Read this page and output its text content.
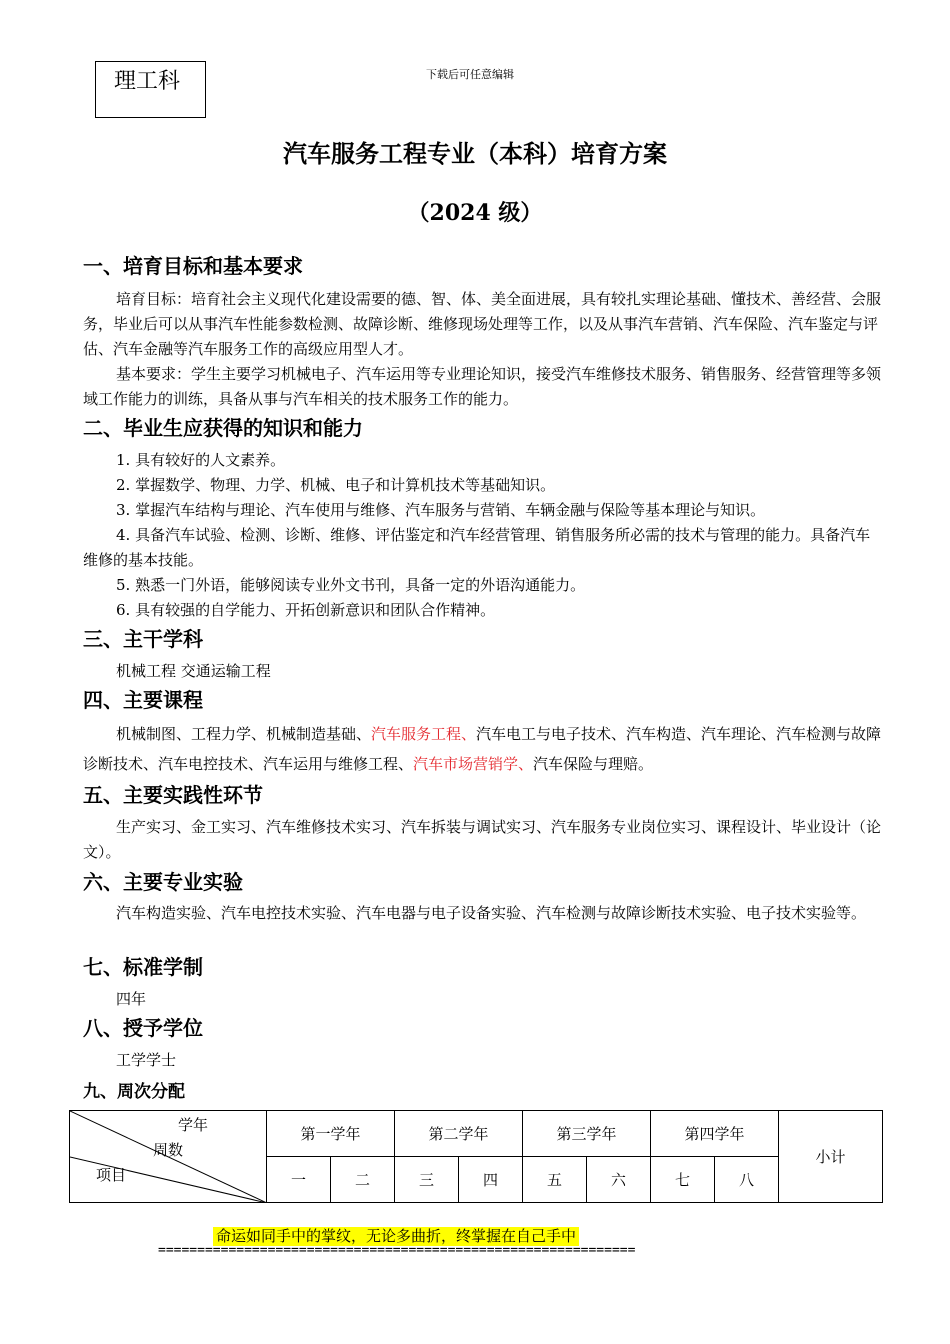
理工科	下载后可任意编辑
汽车服务工程专业（本科）培育方案
（2024 级）
一、培育目标和基本要求
培育目标：培育社会主义现代化建设需要的德、智、体、美全面进展，具有较扎实理论基础、懂技术、善经营、会服务，毕业后可以从事汽车性能参数检测、故障诊断、维修现场处理等工作，以及从事汽车营销、汽车保险、汽车鉴定与评估、汽车金融等汽车服务工作的高级应用型人才。
基本要求：学生主要学习机械电子、汽车运用等专业理论知识，接受汽车维修技术服务、销售服务、经营管理等多领域工作能力的训练，具备从事与汽车相关的技术服务工作的能力。
二、毕业生应获得的知识和能力
1. 具有较好的人文素养。
2. 掌握数学、物理、力学、机械、电子和计算机技术等基础知识。
3. 掌握汽车结构与理论、汽车使用与维修、汽车服务与营销、车辆金融与保险等基本理论与知识。
4. 具备汽车试验、检测、诊断、维修、评估鉴定和汽车经营管理、销售服务所必需的技术与管理的能力。具备汽车维修的基本技能。
5. 熟悉一门外语，能够阅读专业外文书刊，具备一定的外语沟通能力。
6. 具有较强的自学能力、开拓创新意识和团队合作精神。
三、主干学科
机械工程 交通运输工程
四、主要课程
机械制图、工程力学、机械制造基础、汽车服务工程、汽车电工与电子技术、汽车构造、汽车理论、汽车检测与故障诊断技术、汽车电控技术、汽车运用与维修工程、汽车市场营销学、汽车保险与理赔。
五、主要实践性环节
生产实习、金工实习、汽车维修技术实习、汽车拆装与调试实习、汽车服务专业岗位实习、课程设计、毕业设计（论文）。
六、主要专业实验
汽车构造实验、汽车电控技术实验、汽车电器与电子设备实验、汽车检测与故障诊断技术实验、电子技术实验等。
七、标准学制
四年
八、授予学位
工学学士
九、周次分配
学年
周数
项目	第一学年		第二学年		第三学年		第四学年		小计
	一	二	三	四	五	六	七	八	
命运如同手中的掌纹，无论多曲折，终掌握在自己手中
=============================================================
